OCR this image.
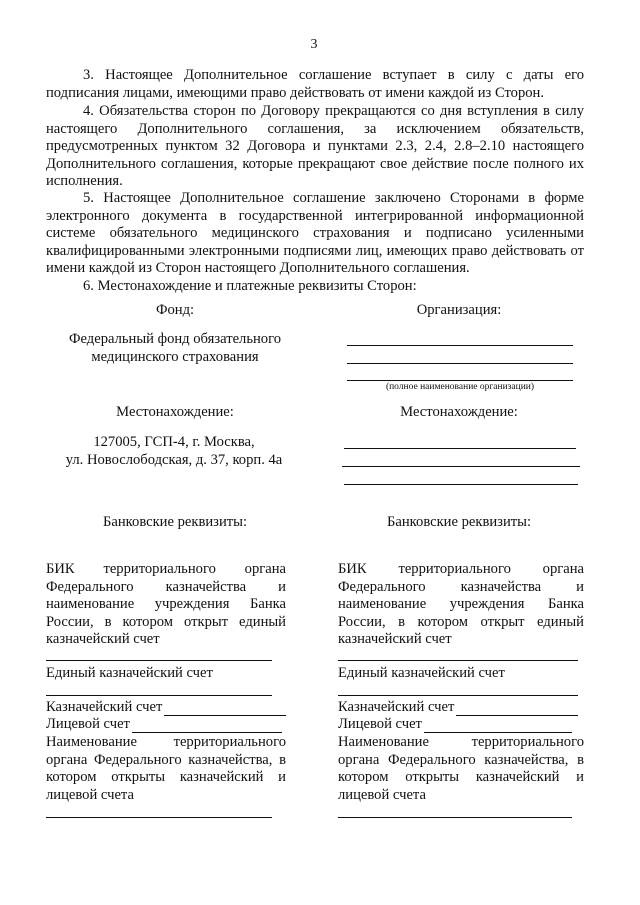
3
3. Настоящее Дополнительное соглашение вступает в силу с даты его подписания лицами, имеющими право действовать от имени каждой из Сторон.
4. Обязательства сторон по Договору прекращаются со дня вступления в силу настоящего Дополнительного соглашения, за исключением обязательств, предусмотренных пунктом 32 Договора и пунктами 2.3, 2.4, 2.8–2.10 настоящего Дополнительного соглашения, которые прекращают свое действие после полного их исполнения.
5. Настоящее Дополнительное соглашение заключено Сторонами в форме электронного документа в государственной интегрированной информационной системе обязательного медицинского страхования и подписано усиленными квалифицированными электронными подписями лиц, имеющих право действовать от имени каждой из Сторон настоящего Дополнительного соглашения.
6. Местонахождение и платежные реквизиты Сторон:
Фонд:
Федеральный фонд обязательного медицинского страхования
Местонахождение:
127005, ГСП-4, г. Москва,
ул. Новослободская, д. 37, корп. 4а
Банковские реквизиты:
БИК территориального органа Федерального казначейства и наименование учреждения Банка России, в котором открыт единый казначейский счет
Единый казначейский счет
Казначейский счет
Лицевой счет
Наименование территориального органа Федерального казначейства, в котором открыты казначейский и лицевой счета
Организация:
(полное наименование организации)
Местонахождение:
Банковские реквизиты:
БИК территориального органа Федерального казначейства и наименование учреждения Банка России, в котором открыт единый казначейский счет
Единый казначейский счет
Казначейский счет
Лицевой счет
Наименование территориального органа Федерального казначейства, в котором открыты казначейский и лицевой счета
